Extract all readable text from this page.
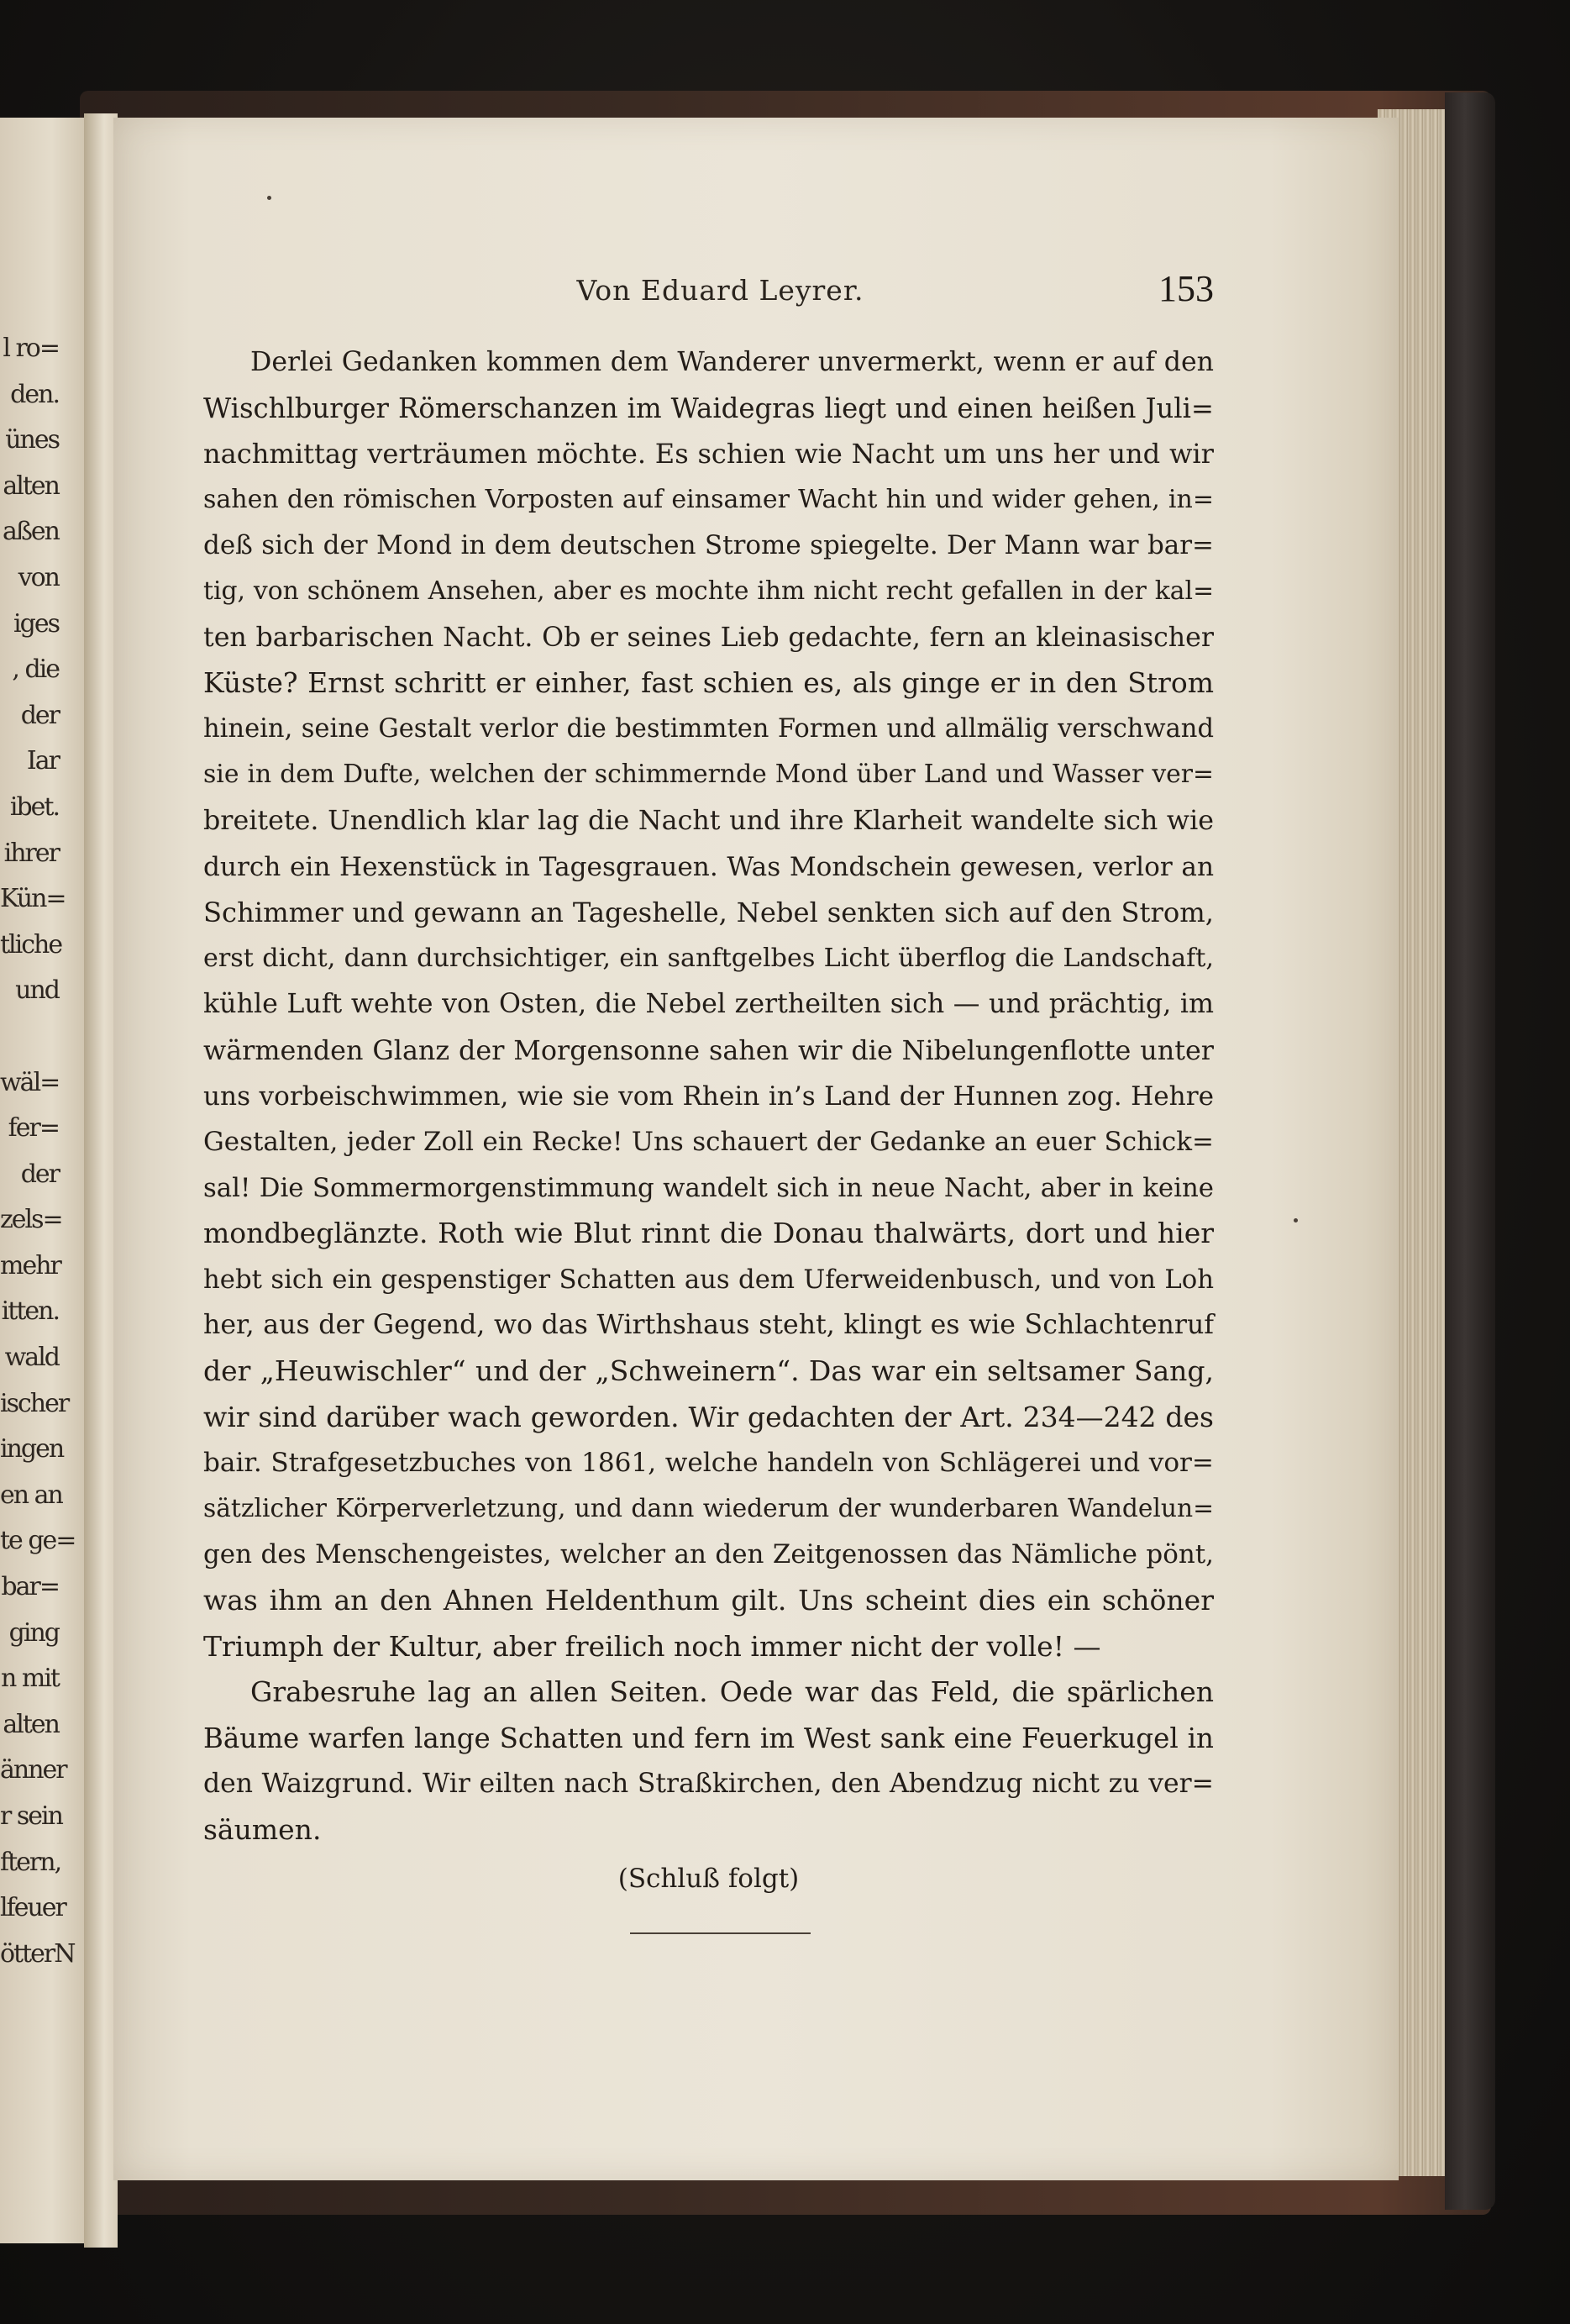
l ro=
den.
ünes
alten
aßen
von
iges
, die
der
Iar
ibet.
ihrer
Kün=
tliche
und
wäl=
fer=
der
zels=
mehr
itten.
wald
ischer
ingen
en an
te ge=
bar=
ging
n mit
alten
änner
r sein
ftern,
lfeuer
ötterN
Von Eduard Leyrer.	153
Derlei Gedanken kommen dem Wanderer unvermerkt, wenn er auf den
Wischlburger Römerschanzen im Waidegras liegt und einen heißen Juli=
nachmittag verträumen möchte. Es schien wie Nacht um uns her und wir
sahen den römischen Vorposten auf einsamer Wacht hin und wider gehen, in=
deß sich der Mond in dem deutschen Strome spiegelte. Der Mann war bar=
tig, von schönem Ansehen, aber es mochte ihm nicht recht gefallen in der kal=
ten barbarischen Nacht. Ob er seines Lieb gedachte, fern an kleinasischer
Küste? Ernst schritt er einher, fast schien es, als ginge er in den Strom
hinein, seine Gestalt verlor die bestimmten Formen und allmälig verschwand
sie in dem Dufte, welchen der schimmernde Mond über Land und Wasser ver=
breitete. Unendlich klar lag die Nacht und ihre Klarheit wandelte sich wie
durch ein Hexenstück in Tagesgrauen. Was Mondschein gewesen, verlor an
Schimmer und gewann an Tageshelle, Nebel senkten sich auf den Strom,
erst dicht, dann durchsichtiger, ein sanftgelbes Licht überflog die Landschaft,
kühle Luft wehte von Osten, die Nebel zertheilten sich — und prächtig, im
wärmenden Glanz der Morgensonne sahen wir die Nibelungenflotte unter
uns vorbeischwimmen, wie sie vom Rhein in’s Land der Hunnen zog. Hehre
Gestalten, jeder Zoll ein Recke! Uns schauert der Gedanke an euer Schick=
sal! Die Sommermorgenstimmung wandelt sich in neue Nacht, aber in keine
mondbeglänzte. Roth wie Blut rinnt die Donau thalwärts, dort und hier
hebt sich ein gespenstiger Schatten aus dem Uferweidenbusch, und von Loh
her, aus der Gegend, wo das Wirthshaus steht, klingt es wie Schlachtenruf
der „Heuwischler“ und der „Schweinern“. Das war ein seltsamer Sang,
wir sind darüber wach geworden. Wir gedachten der Art. 234—242 des
bair. Strafgesetzbuches von 1861, welche handeln von Schlägerei und vor=
sätzlicher Körperverletzung, und dann wiederum der wunderbaren Wandelun=
gen des Menschengeistes, welcher an den Zeitgenossen das Nämliche pönt,
was ihm an den Ahnen Heldenthum gilt. Uns scheint dies ein schöner
Triumph der Kultur, aber freilich noch immer nicht der volle! —
Grabesruhe lag an allen Seiten. Oede war das Feld, die spärlichen
Bäume warfen lange Schatten und fern im West sank eine Feuerkugel in
den Waizgrund. Wir eilten nach Straßkirchen, den Abendzug nicht zu ver=
säumen.
(Schluß folgt)
